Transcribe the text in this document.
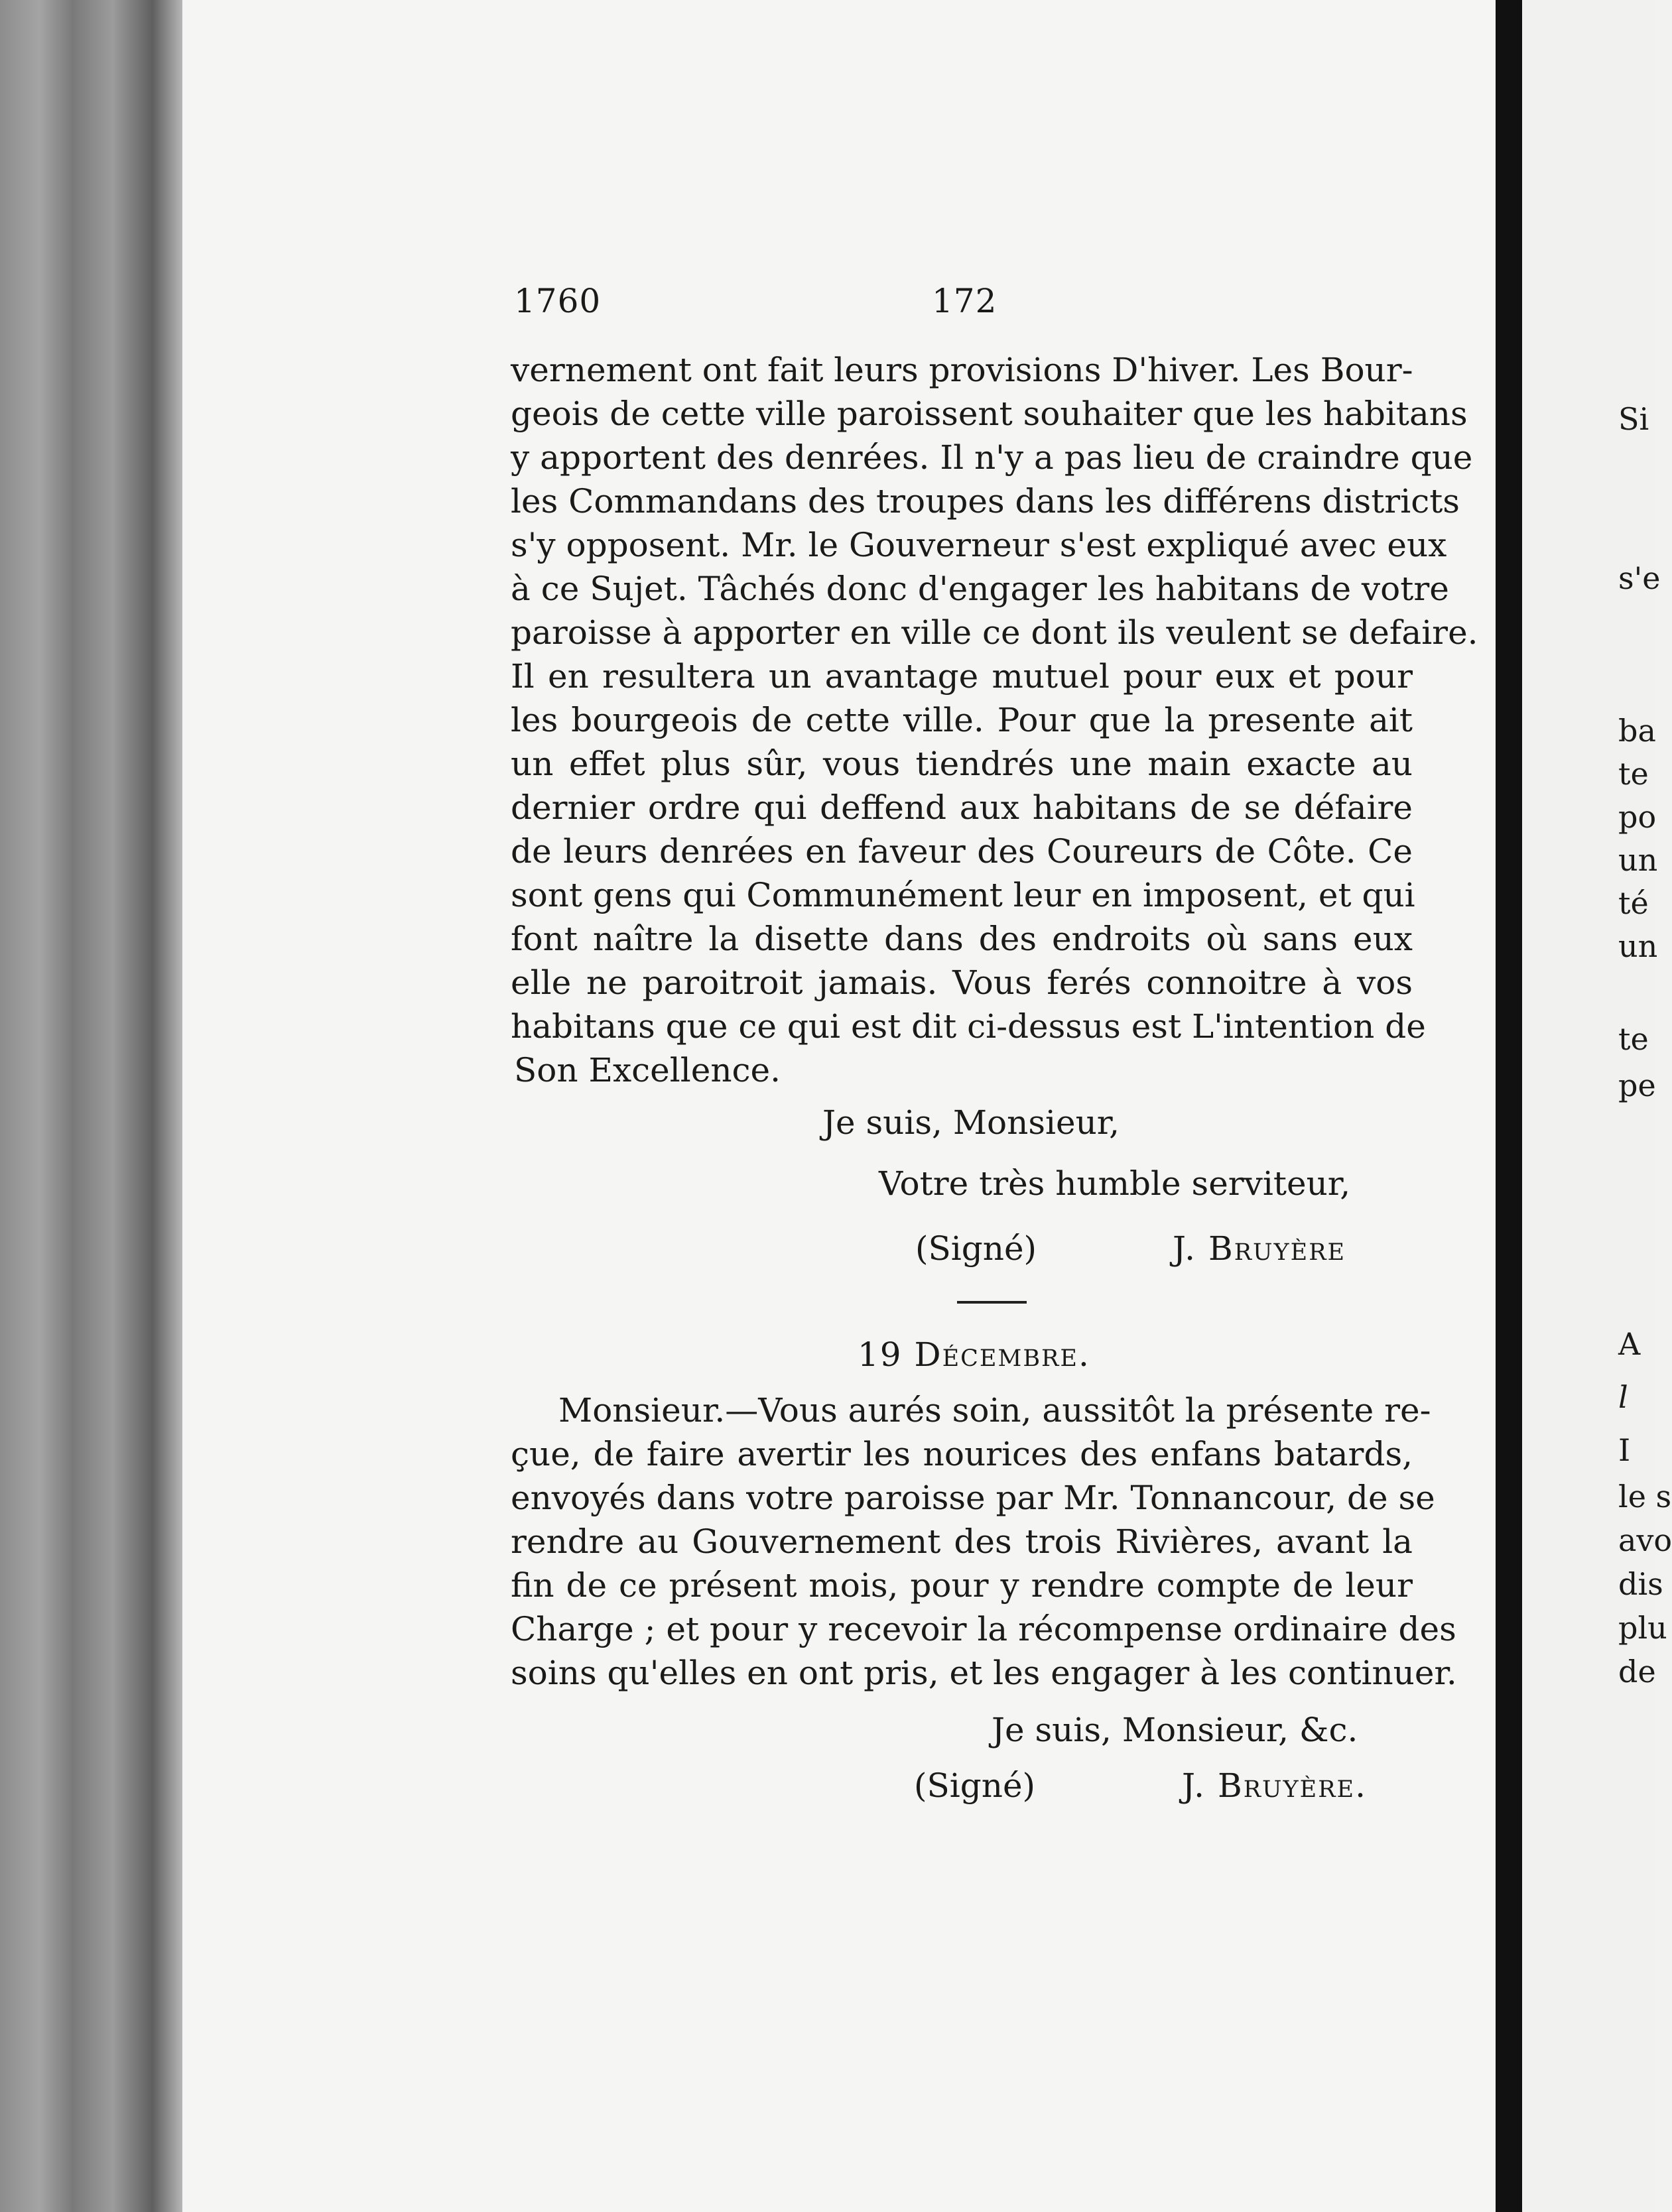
1760	172
vernement ont fait leurs provisions D'hiver. Les Bour-
geois de cette ville paroissent souhaiter que les habitans
y apportent des denrées. Il n'y a pas lieu de craindre que
les Commandans des troupes dans les différens districts
s'y opposent. Mr. le Gouverneur s'est expliqué avec eux
à ce Sujet. Tâchés donc d'engager les habitans de votre
paroisse à apporter en ville ce dont ils veulent se defaire.
Il en resultera un avantage mutuel pour eux et pour
les bourgeois de cette ville. Pour que la presente ait
un effet plus sûr, vous tiendrés une main exacte au
dernier ordre qui deffend aux habitans de se défaire
de leurs denrées en faveur des Coureurs de Côte. Ce
sont gens qui Communément leur en imposent, et qui
font naître la disette dans des endroits où sans eux
elle ne paroitroit jamais. Vous ferés connoitre à vos
habitans que ce qui est dit ci-dessus est L'intention de
Son Excellence.
Je suis, Monsieur,
Votre très humble serviteur,
(Signé)	J. Bruyère
19 Décembre.
Monsieur.—Vous aurés soin, aussitôt la présente re-
çue, de faire avertir les nourices des enfans batards,
envoyés dans votre paroisse par Mr. Tonnancour, de se
rendre au Gouvernement des trois Rivières, avant la
fin de ce présent mois, pour y rendre compte de leur
Charge ; et pour y recevoir la récompense ordinaire des
soins qu'elles en ont pris, et les engager à les continuer.
Je suis, Monsieur, &c.
(Signé)	J. Bruyère.
Si
s'e
ba
te
po
un
té
un
te
pe
A
l
I
le s
avo
dis
plu
de
